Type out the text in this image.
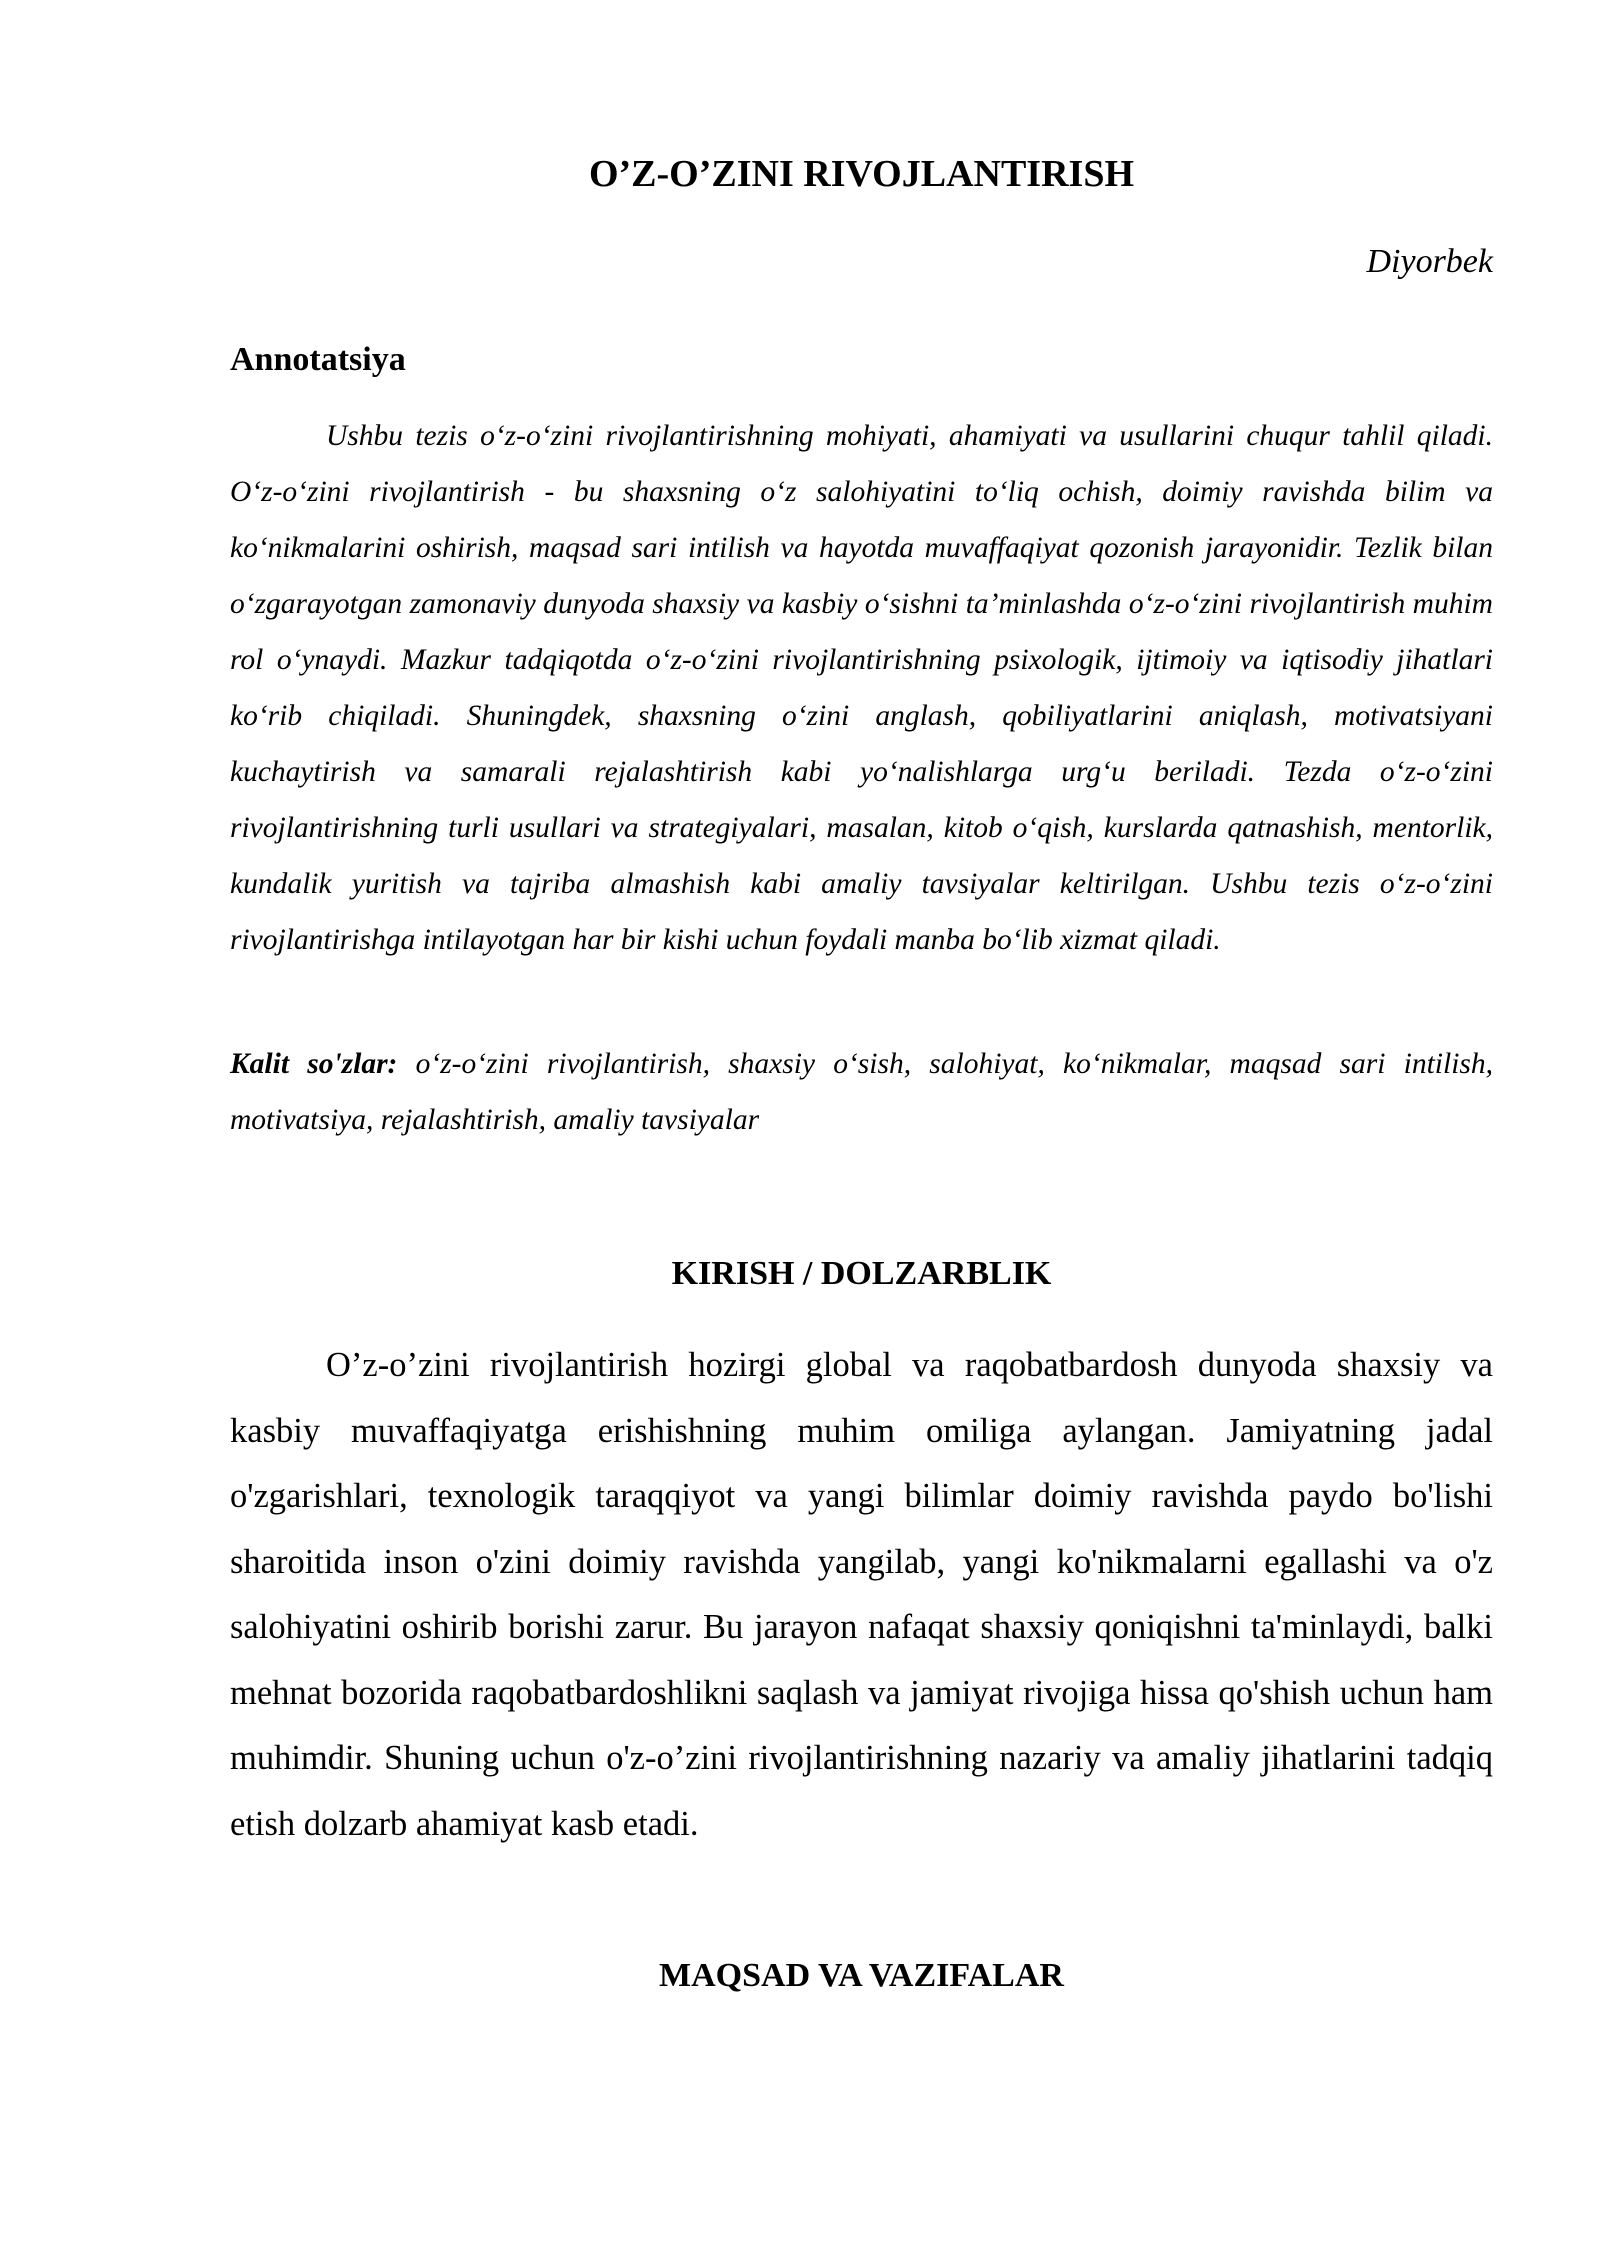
O’Z-O’ZINI RIVOJLANTIRISH
Diyorbek
Annotatsiya

Ushbu tezis o‘z-o‘zini rivojlantirishning mohiyati, ahamiyati va usullarini chuqur tahlil qiladi. O‘z-o‘zini rivojlantirish - bu shaxsning o‘z salohiyatini to‘liq ochish, doimiy ravishda bilim va ko‘nikmalarini oshirish, maqsad sari intilish va hayotda muvaffaqiyat qozonish jarayonidir. Tezlik bilan o‘zgarayotgan zamonaviy dunyoda shaxsiy va kasbiy o‘sishni ta’minlashda o‘z-o‘zini rivojlantirish muhim rol o‘ynaydi. Mazkur tadqiqotda o‘z-o‘zini rivojlantirishning psixologik, ijtimoiy va iqtisodiy jihatlari ko‘rib chiqiladi. Shuningdek, shaxsning o‘zini anglash, qobiliyatlarini aniqlash, motivatsiyani kuchaytirish va samarali rejalashtirish kabi yo‘nalishlarga urg‘u beriladi. Tezda o‘z-o‘zini rivojlantirishning turli usullari va strategiyalari, masalan, kitob o‘qish, kurslarda qatnashish, mentorlik, kundalik yuritish va tajriba almashish kabi amaliy tavsiyalar keltirilgan. Ushbu tezis o‘z-o‘zini rivojlantirishga intilayotgan har bir kishi uchun foydali manba bo‘lib xizmat qiladi.

Kalit so'zlar: o‘z-o‘zini rivojlantirish, shaxsiy o‘sish, salohiyat, ko‘nikmalar, maqsad sari intilish, motivatsiya, rejalashtirish, amaliy tavsiyalar

KIRISH / DOLZARBLIK

O’z-o’zini rivojlantirish hozirgi global va raqobatbardosh dunyoda shaxsiy va kasbiy muvaffaqiyatga erishishning muhim omiliga aylangan. Jamiyatning jadal o'zgarishlari, texnologik taraqqiyot va yangi bilimlar doimiy ravishda paydo bo'lishi sharoitida inson o'zini doimiy ravishda yangilab, yangi ko'nikmalarni egallashi va o'z salohiyatini oshirib borishi zarur. Bu jarayon nafaqat shaxsiy qoniqishni ta'minlaydi, balki mehnat bozorida raqobatbardoshlikni saqlash va jamiyat rivojiga hissa qo'shish uchun ham muhimdir. Shuning uchun o'z-o’zini rivojlantirishning nazariy va amaliy jihatlarini tadqiq etish dolzarb ahamiyat kasb etadi.

MAQSAD VA VAZIFALAR
